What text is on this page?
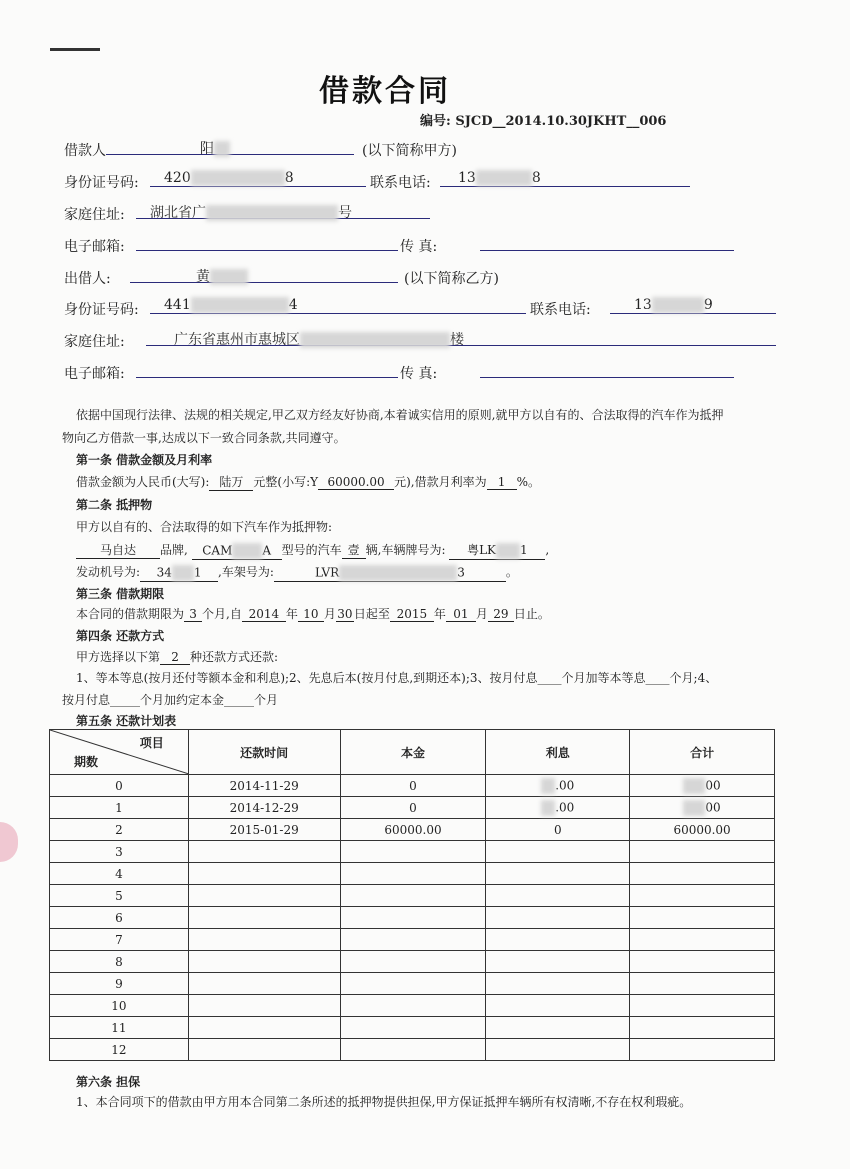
借款合同
编号: SJCD__2014.10.30JKHT__006
借款人	阳	(以下简称甲方)
身份证号码: 420	8	联系电话: 13	8
家庭住址: 湖北省广	号
电子邮箱:	传 真:
出借人:	黄	(以下简称乙方)
身份证号码: 441	4	联系电话:	13	9
家庭住址:	广东省惠州市惠城区	楼
电子邮箱:	传 真:
依据中国现行法律、法规的相关规定,甲乙双方经友好协商,本着诚实信用的原则,就甲方以自有的、合法取得的汽车作为抵押
物向乙方借款一事,达成以下一致合同条款,共同遵守。
第一条 借款金额及月利率
借款金额为人民币(大写): 陆万 元整(小写:Y 60000.00 元),借款月利率为 1 %。
第二条 抵押物
甲方以自有的、合法取得的如下汽车作为抵押物:
马自达 品牌, CAM	A 型号的汽车 壹 辆,车辆牌号为: 粤LK 1 ,
发动机号为: 34 1 ,车架号为:	LVR	3	。
第三条 借款期限
本合同的借款期限为 3 个月,自 2014 年 10 月30日起至 2015 年 01 月 29 日止。
第四条 还款方式
甲方选择以下第 2 种还款方式还款:
1、等本等息(按月还付等额本金和利息);2、先息后本(按月付息,到期还本);3、按月付息____个月加等本等息____个月;4、
按月付息_____个月加约定本金_____个月
第五条 还款计划表
项目
期数	还款时间	本金	利息	合计
0	2014-11-29	0	.00	00
1	2014-12-29	0	.00	00
2	2015-01-29	60000.00	0	60000.00
3				
4				
5				
6				
7				
8				
9				
10				
11				
12				
第六条 担保
1、本合同项下的借款由甲方用本合同第二条所述的抵押物提供担保,甲方保证抵押车辆所有权清晰,不存在权利瑕疵。
